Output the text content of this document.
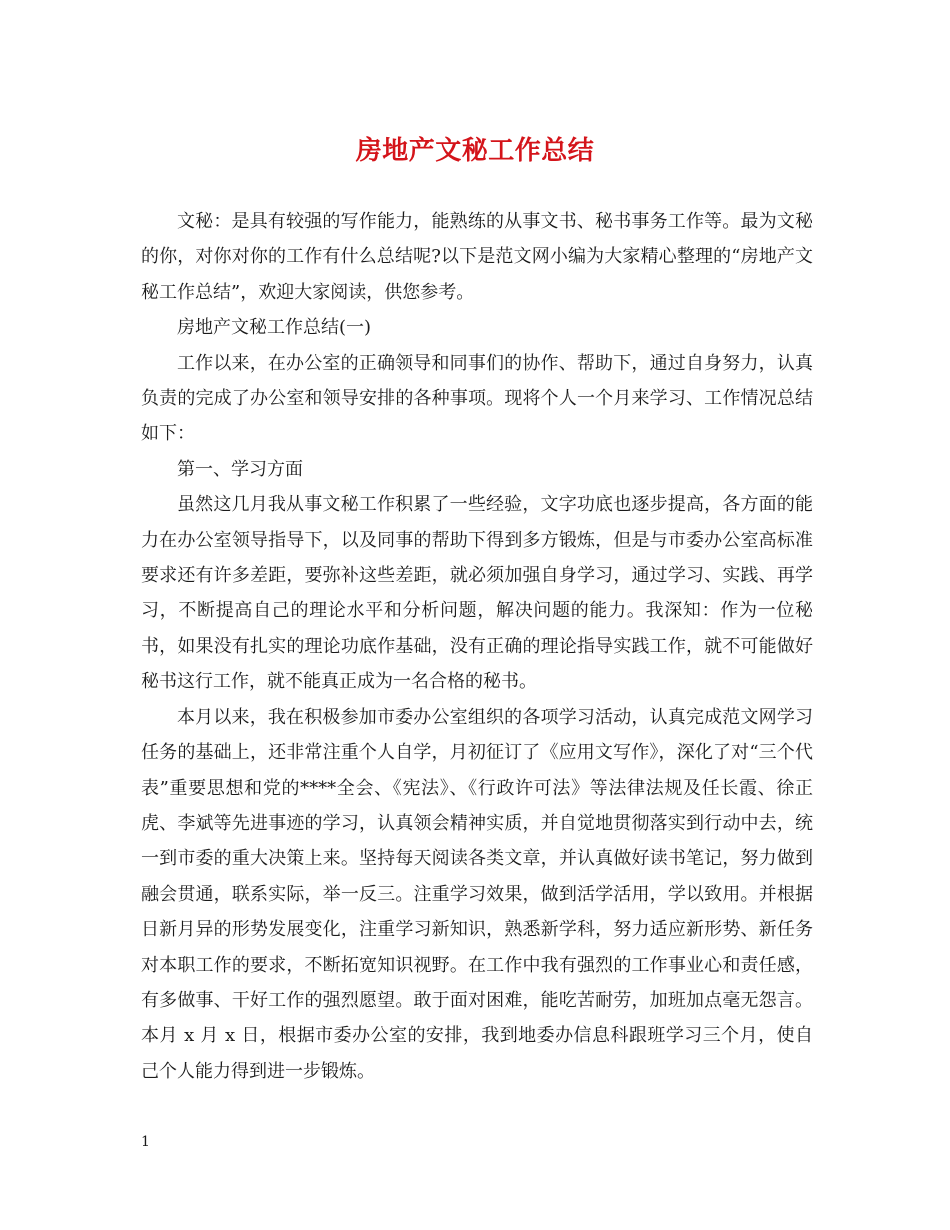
房地产文秘工作总结

文秘：是具有较强的写作能力，能熟练的从事文书、秘书事务工作等。最为文秘的你，对你对你的工作有什么总结呢?以下是范文网小编为大家精心整理的“房地产文秘工作总结”，欢迎大家阅读，供您参考。

房地产文秘工作总结(一)

工作以来，在办公室的正确领导和同事们的协作、帮助下，通过自身努力，认真负责的完成了办公室和领导安排的各种事项。现将个人一个月来学习、工作情况总结如下：

第一、学习方面

虽然这几月我从事文秘工作积累了一些经验，文字功底也逐步提高，各方面的能力在办公室领导指导下，以及同事的帮助下得到多方锻炼，但是与市委办公室高标准要求还有许多差距，要弥补这些差距，就必须加强自身学习，通过学习、实践、再学习，不断提高自己的理论水平和分析问题，解决问题的能力。我深知：作为一位秘书，如果没有扎实的理论功底作基础，没有正确的理论指导实践工作，就不可能做好秘书这行工作，就不能真正成为一名合格的秘书。

本月以来，我在积极参加市委办公室组织的各项学习活动，认真完成范文网学习任务的基础上，还非常注重个人自学，月初征订了《应用文写作》，深化了对“三个代表”重要思想和党的****全会、《宪法》、《行政许可法》等法律法规及任长霞、徐正虎、李斌等先进事迹的学习，认真领会精神实质，并自觉地贯彻落实到行动中去，统一到市委的重大决策上来。坚持每天阅读各类文章，并认真做好读书笔记，努力做到融会贯通，联系实际，举一反三。注重学习效果，做到活学活用，学以致用。并根据日新月异的形势发展变化，注重学习新知识，熟悉新学科，努力适应新形势、新任务对本职工作的要求，不断拓宽知识视野。在工作中我有强烈的工作事业心和责任感，有多做事、干好工作的强烈愿望。敢于面对困难，能吃苦耐劳，加班加点毫无怨言。本月 x 月 x 日，根据市委办公室的安排，我到地委办信息科跟班学习三个月，使自己个人能力得到进一步锻炼。

1
